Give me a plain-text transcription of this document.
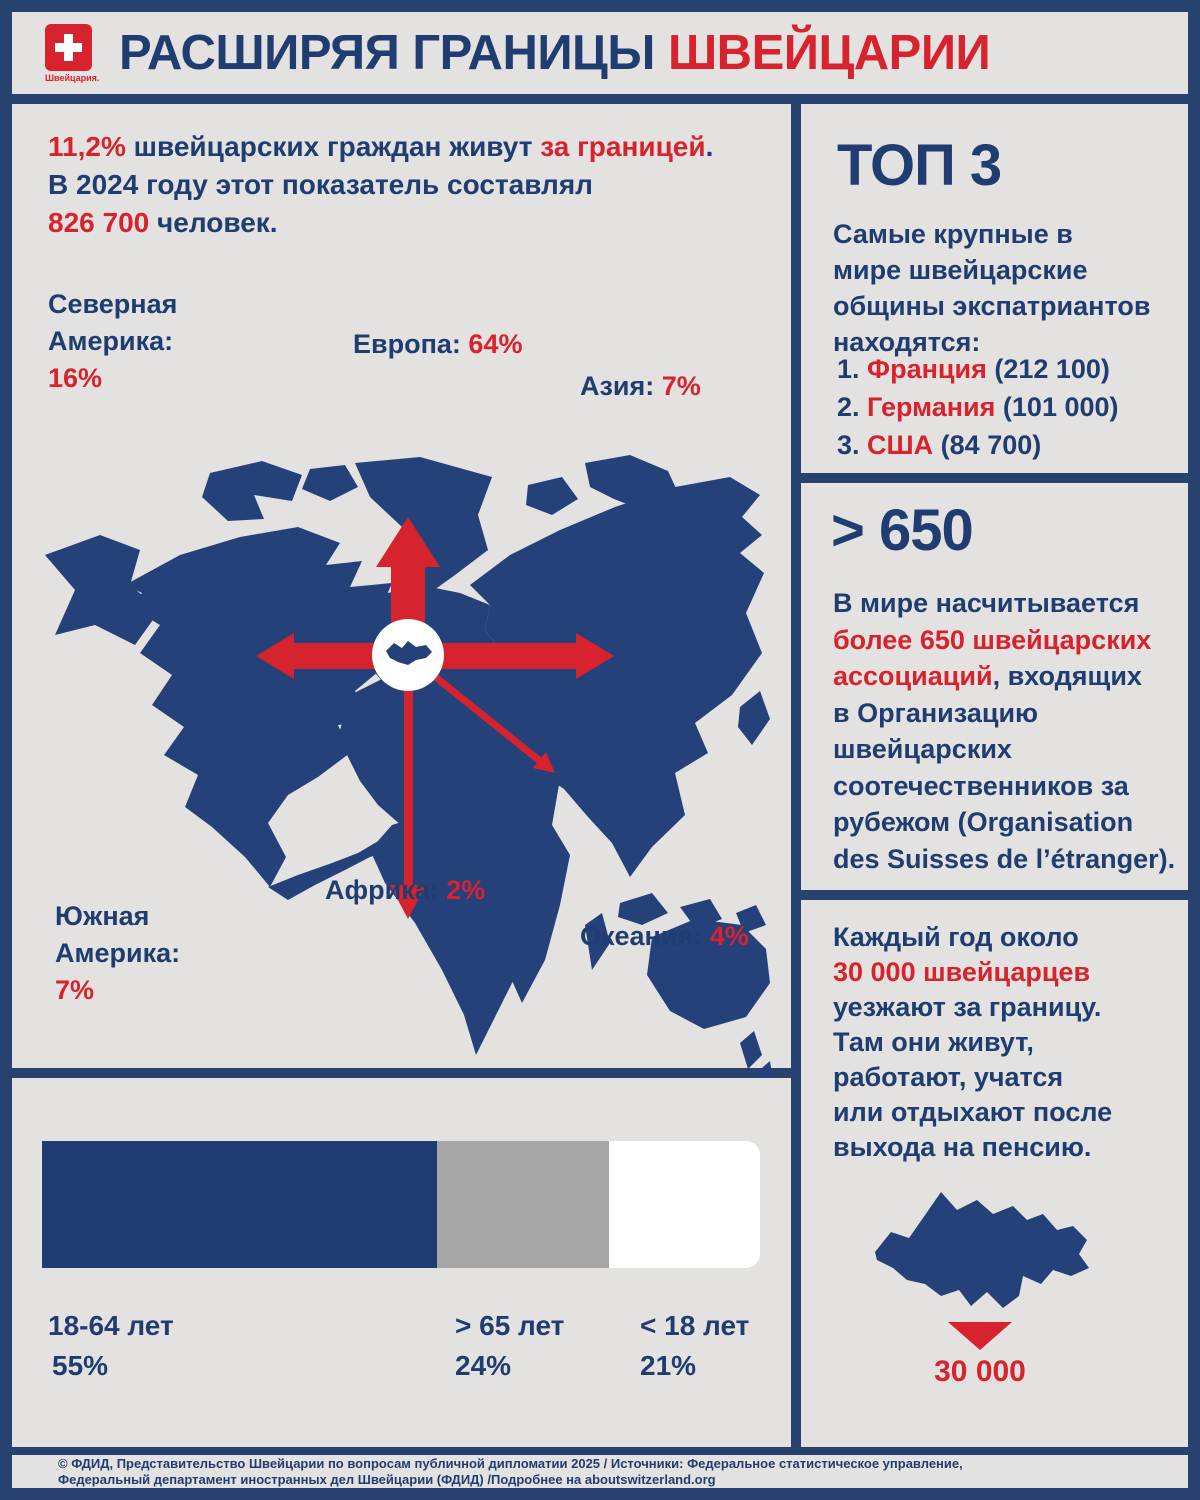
Швейцария. РАСШИРЯЯ ГРАНИЦЫ ШВЕЙЦАРИИ
11,2% швейцарских граждан живут за границей.
В 2024 году этот показатель составлял
826 700 человек.
Северная
Америка:
16%
Европа: 64%
Азия: 7%
Африка: 2%
Южная
Америка:
7%
Океания: 4%
ТОП 3
Самые крупные в
мире швейцарские
общины экспатриантов
находятся:
1. Франция (212 100)
2. Германия (101 000)
3. США (84 700)
> 650
В мире насчитывается
более 650 швейцарских
ассоциаций, входящих
в Организацию
швейцарских
соотечественников за
рубежом (Organisation
des Suisses de l’étranger).
Каждый год около
30 000 швейцарцев
уезжают за границу.
Там они живут,
работают, учатся
или отдыхают после
выхода на пенсию.
30 000
18-64 лет
55%
> 65 лет
24%
< 18 лет
21%
© ФДИД, Представительство Швейцарии по вопросам публичной дипломатии 2025 / Источники: Федеральное статистическое управление,
Федеральный департамент иностранных дел Швейцарии (ФДИД) /Подробнее на aboutswitzerland.org
